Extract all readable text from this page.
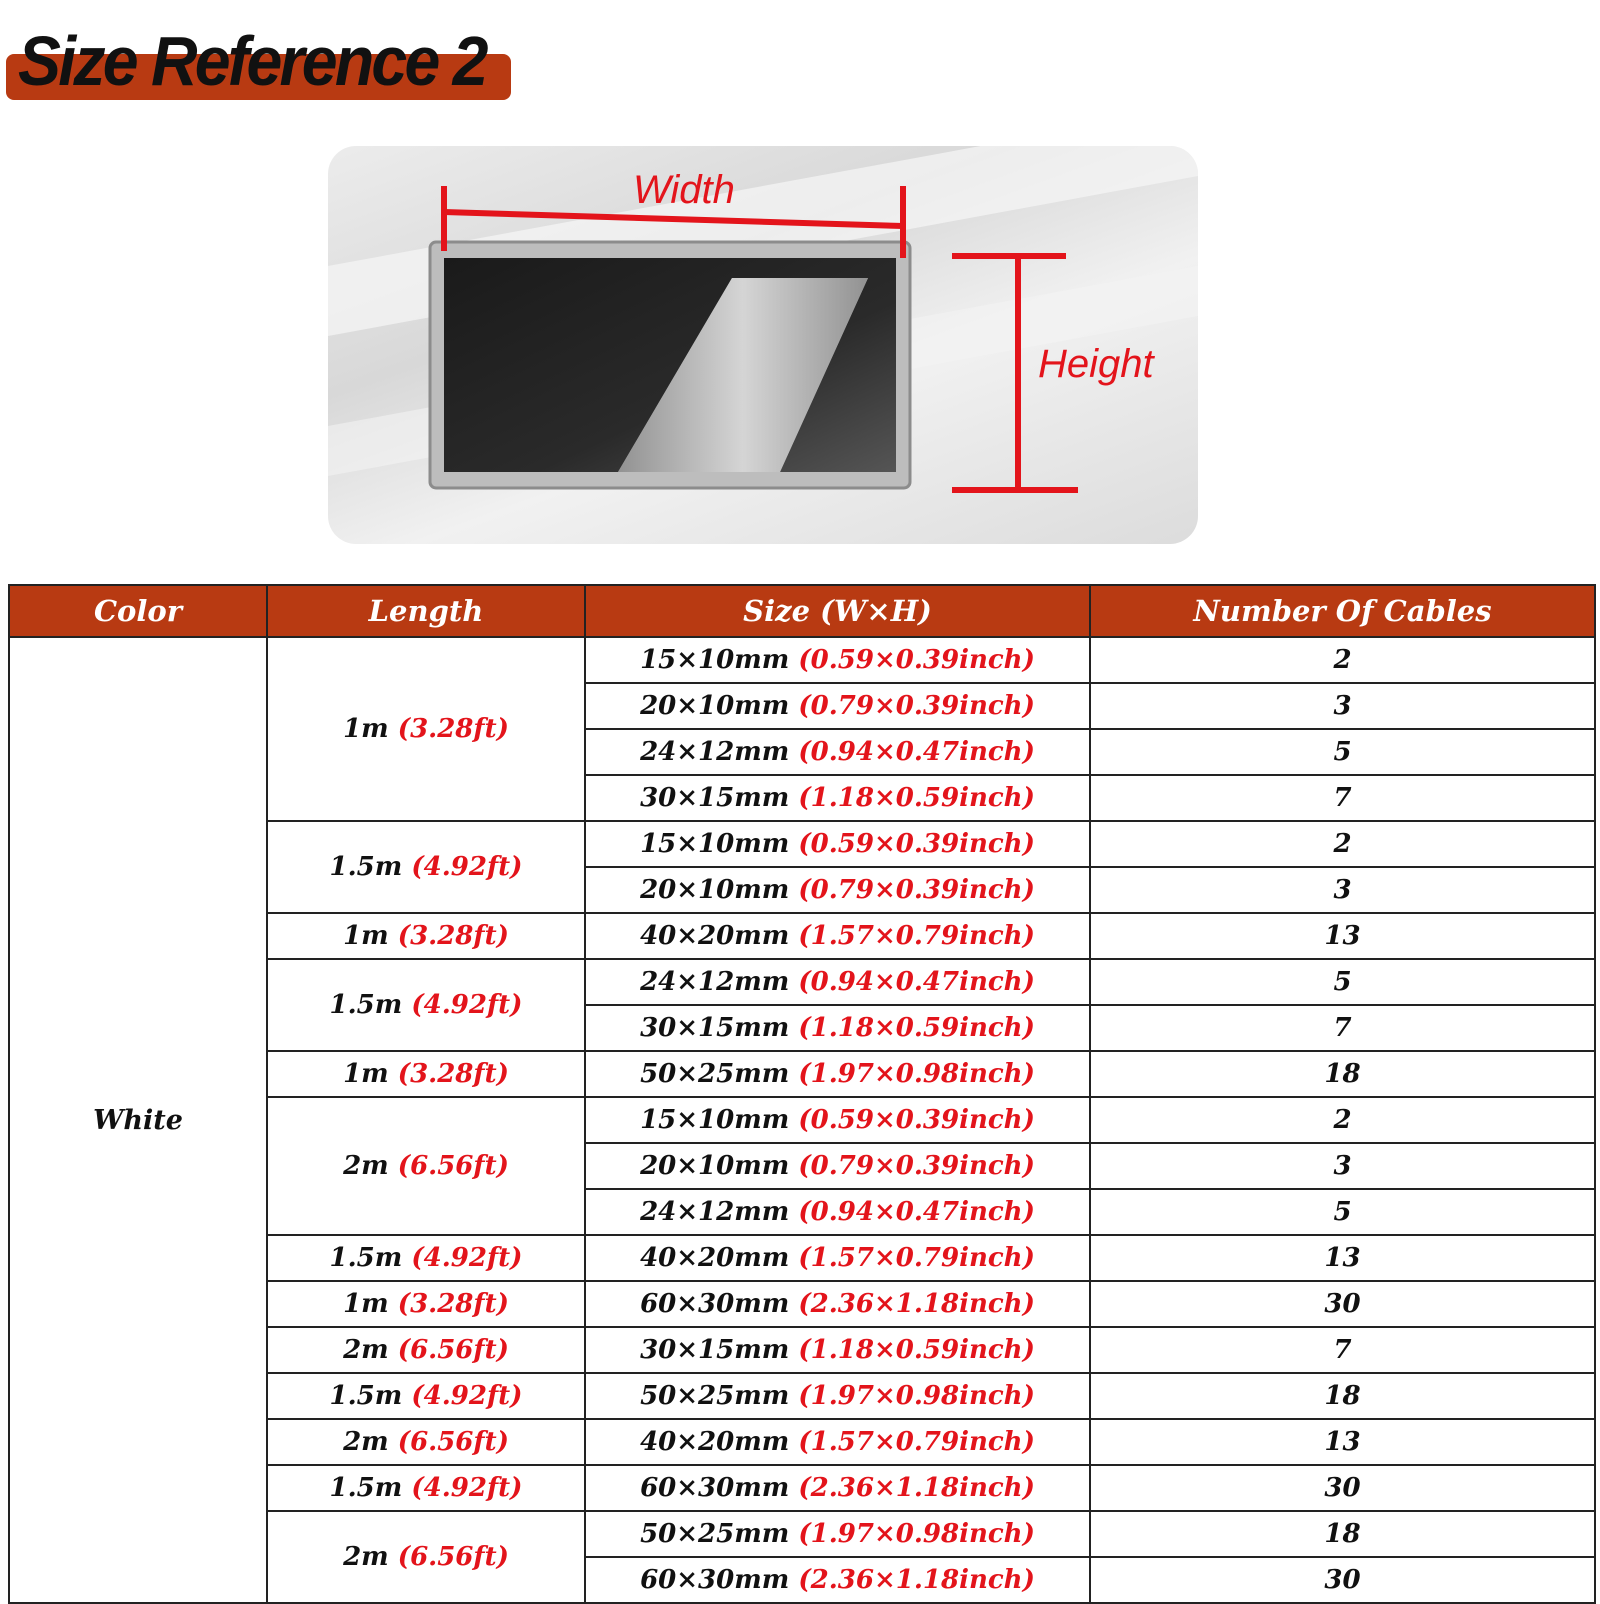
Size Reference 2
Width
Height
Color	Length	Size (W×H)	Number Of Cables
White	1m (3.28ft)	15×10mm (0.59×0.39inch)	2
		20×10mm (0.79×0.39inch)	3
		24×12mm (0.94×0.47inch)	5
		30×15mm (1.18×0.59inch)	7
	1.5m (4.92ft)	15×10mm (0.59×0.39inch)	2
		20×10mm (0.79×0.39inch)	3
	1m (3.28ft)	40×20mm (1.57×0.79inch)	13
	1.5m (4.92ft)	24×12mm (0.94×0.47inch)	5
		30×15mm (1.18×0.59inch)	7
	1m (3.28ft)	50×25mm (1.97×0.98inch)	18
	2m (6.56ft)	15×10mm (0.59×0.39inch)	2
		20×10mm (0.79×0.39inch)	3
		24×12mm (0.94×0.47inch)	5
	1.5m (4.92ft)	40×20mm (1.57×0.79inch)	13
	1m (3.28ft)	60×30mm (2.36×1.18inch)	30
	2m (6.56ft)	30×15mm (1.18×0.59inch)	7
	1.5m (4.92ft)	50×25mm (1.97×0.98inch)	18
	2m (6.56ft)	40×20mm (1.57×0.79inch)	13
	1.5m (4.92ft)	60×30mm (2.36×1.18inch)	30
	2m (6.56ft)	50×25mm (1.97×0.98inch)	18
		60×30mm (2.36×1.18inch)	30
